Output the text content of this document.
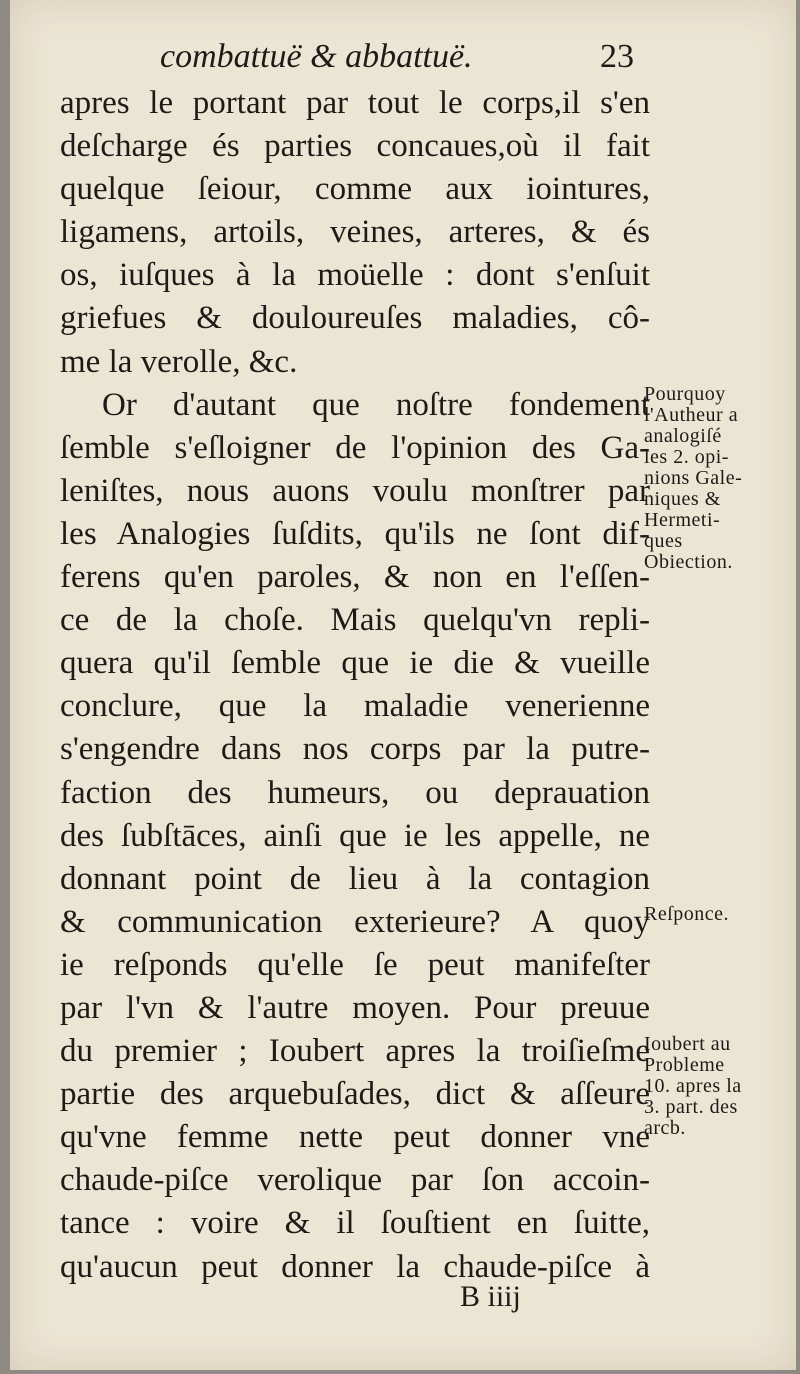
combattuë & abbattuë.	23
apres le portant par tout le corps,il s'en
deſcharge és parties concaues,où il fait
quelque ſeiour, comme aux iointures,
ligamens, artoils, veines, arteres, & és
os, iuſques à la moüelle : dont s'enſuit
griefues & douloureuſes maladies, cô-
me la verolle, &c.
Or d'autant que noſtre fondement
ſemble s'eſloigner de l'opinion des Ga-
leniſtes, nous auons voulu monſtrer par
les Analogies ſuſdits, qu'ils ne ſont dif-
ferens qu'en paroles, & non en l'eſſen-
ce de la choſe. Mais quelqu'vn repli-
quera qu'il ſemble que ie die & vueille
conclure, que la maladie venerienne
s'engendre dans nos corps par la putre-
faction des humeurs, ou deprauation
des ſubſtāces, ainſi que ie les appelle, ne
donnant point de lieu à la contagion
& communication exterieure? A quoy
ie reſponds qu'elle ſe peut manifeſter
par l'vn & l'autre moyen. Pour preuue
du premier ; Ioubert apres la troiſieſme
partie des arquebuſades, dict & aſſeure
qu'vne femme nette peut donner vne
chaude-piſce verolique par ſon accoin-
tance : voire & il ſouſtient en ſuitte,
qu'aucun peut donner la chaude-piſce à
Pourquoy
l'Autheur a
analogiſé
les 2. opi-
nions Gale-
niques &
Hermeti-
ques
Obiection.
Reſponce.
Ioubert au
Probleme
10. apres la
3. part. des
arcb.
B iiij
